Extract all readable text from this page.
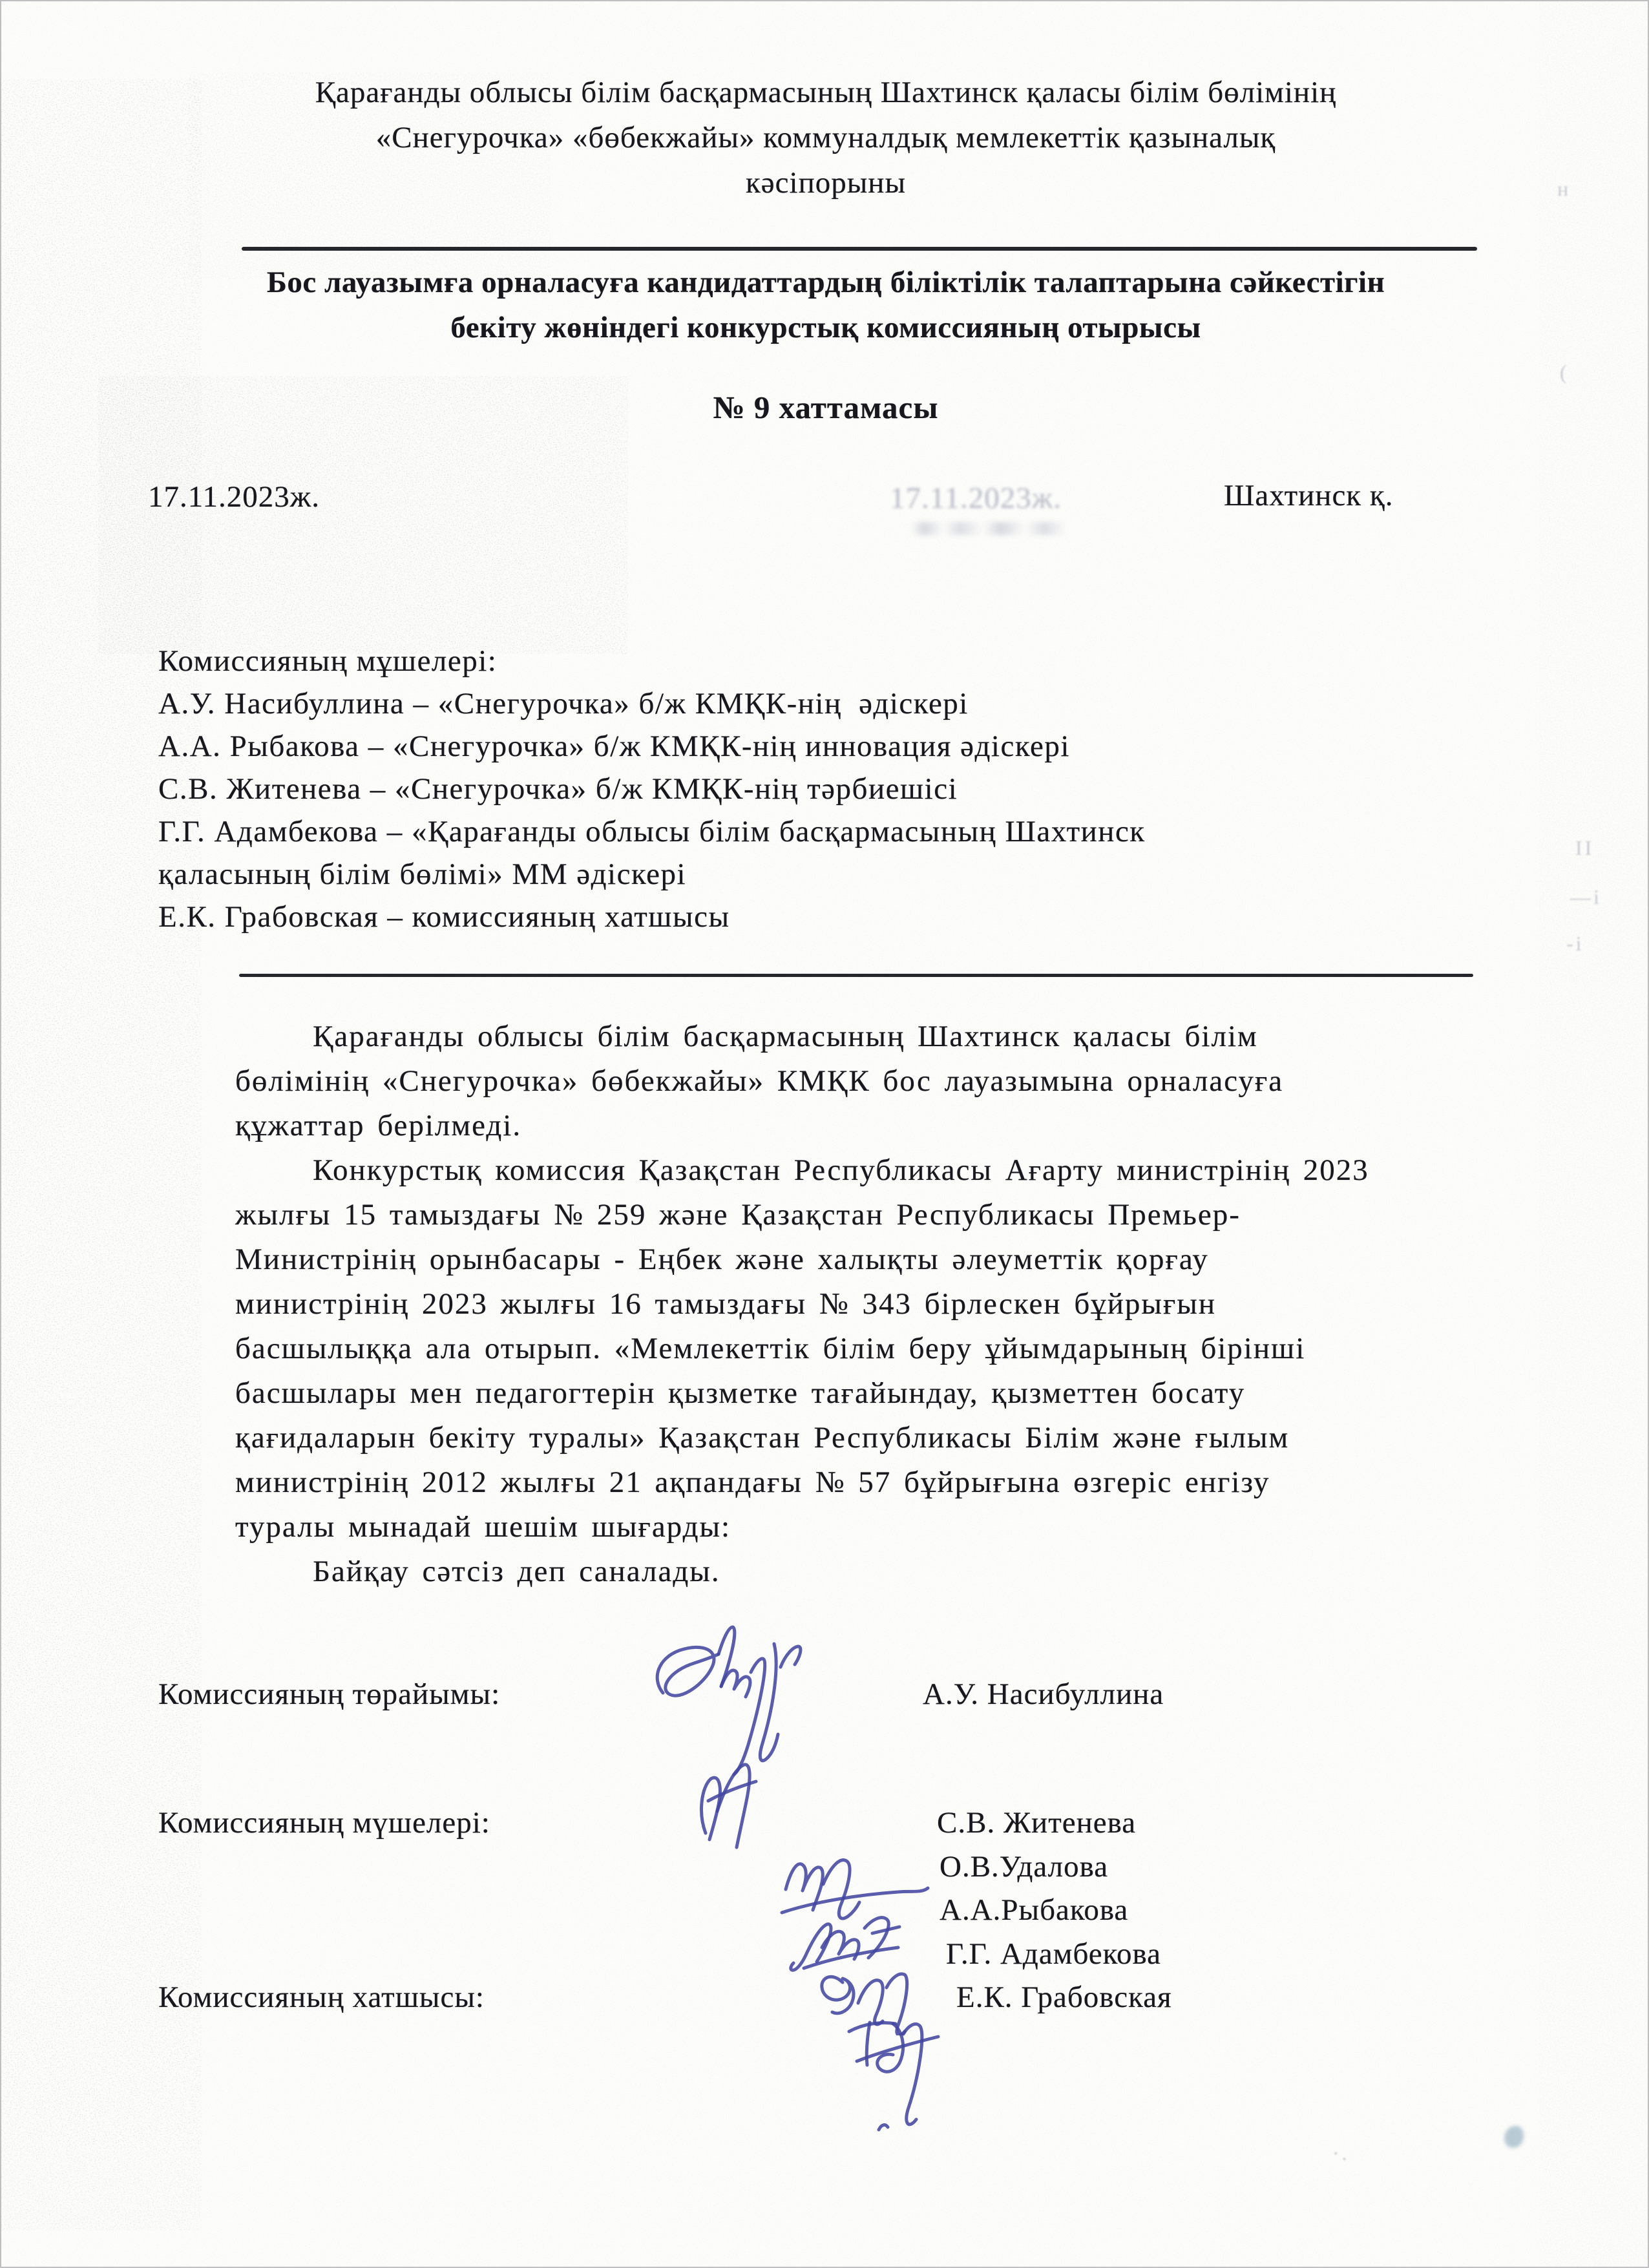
Қарағанды облысы білім басқармасының Шахтинск қаласы білім бөлімінің
«Снегурочка» «бөбекжайы» коммуналдық мемлекеттік қазыналық
кәсіпорыны
Бос лауазымға орналасуға кандидаттардың біліктілік талаптарына сәйкестігін
бекіту жөніндегі конкурстық комиссияның отырысы
№ 9 хаттамасы
17.11.2023ж.	17.11.2023ж.	Шахтинск қ.
Комиссияның мұшелері:
А.У. Насибуллина – «Снегурочка» б/ж КМҚК-нің  әдіскері
А.А. Рыбакова – «Снегурочка» б/ж КМҚК-нің инновация әдіскері
С.В. Житенева – «Снегурочка» б/ж КМҚК-нің тәрбиешісі
Г.Г. Адамбекова – «Қарағанды облысы білім басқармасының Шахтинск
қаласының білім бөлімі» ММ әдіскері
Е.К. Грабовская – комиссияның хатшысы
Қарағанды облысы білім басқармасының Шахтинск қаласы білім
бөлімінің «Снегурочка» бөбекжайы» КМҚК бос лауазымына орналасуға
құжаттар берілмеді.
Конкурстық комиссия Қазақстан Республикасы Ағарту министрінің 2023
жылғы 15 тамыздағы № 259 және Қазақстан Республикасы Премьер-
Министрінің орынбасары - Еңбек және халықты әлеуметтік қорғау
министрінің 2023 жылғы 16 тамыздағы № 343 бірлескен бұйрығын
басшылыққа ала отырып. «Мемлекеттік білім беру ұйымдарының бірінші
басшылары мен педагогтерін қызметке тағайындау, қызметтен босату
қағидаларын бекіту туралы» Қазақстан Республикасы Білім және ғылым
министрінің 2012 жылғы 21 ақпандағы № 57 бұйрығына өзгеріс енгізу
туралы мынадай шешім шығарды:
Байқау сәтсіз деп саналады.
Комиссияның төрайымы:	А.У. Насибуллина
Комиссияның мүшелері:	С.В. Житенева
О.В.Удалова
А.А.Рыбакова
Г.Г. Адамбекова
Комиссияның хатшысы:	Е.К. Грабовская
н
(
ІІ
—і
-і
·.
